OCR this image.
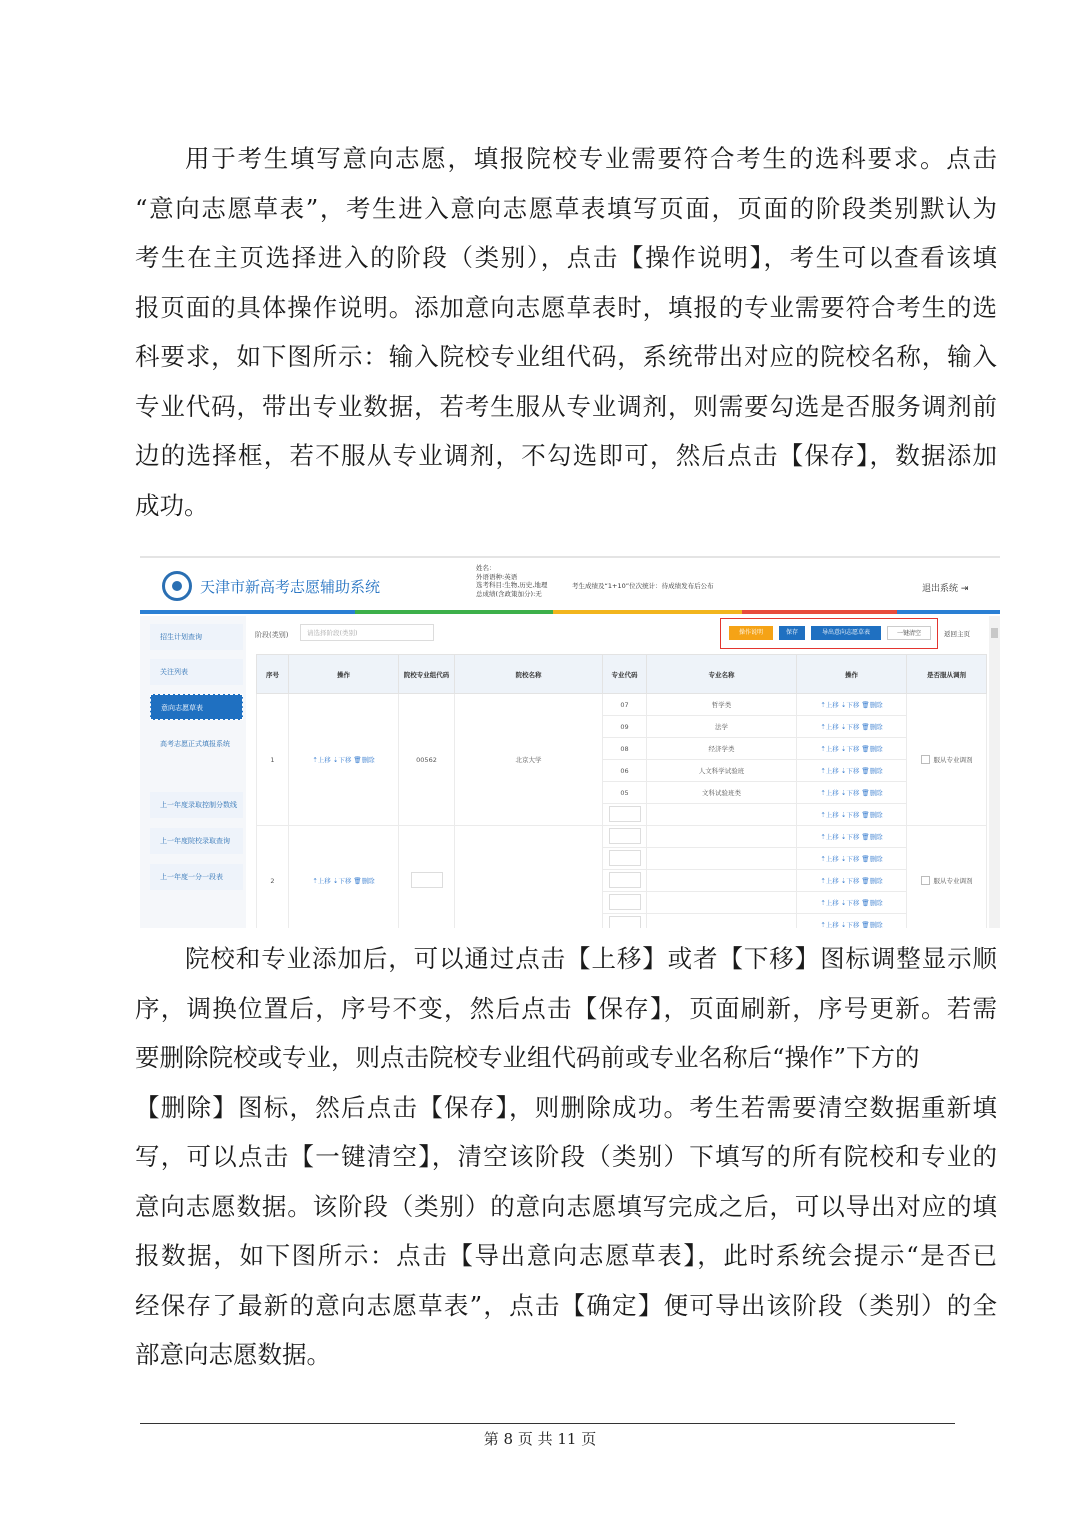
用于考生填写意向志愿，填报院校专业需要符合考生的选科要求。点击
“意向志愿草表”，考生进入意向志愿草表填写页面，页面的阶段类别默认为
考生在主页选择进入的阶段（类别），点击【操作说明】，考生可以查看该填
报页面的具体操作说明。添加意向志愿草表时，填报的专业需要符合考生的选
科要求，如下图所示：输入院校专业组代码，系统带出对应的院校名称，输入
专业代码，带出专业数据，若考生服从专业调剂，则需要勾选是否服务调剂前
边的选择框，若不服从专业调剂，不勾选即可，然后点击【保存】，数据添加
成功。
天津市新高考志愿辅助系统
姓名：
外语语种:英语
选考科目:生物,历史,地理
总成绩(含政策加分):无
考生成绩及“1+10”位次统计：待成绩发布后公布	退出系统 ⇥
招生计划查询
关注列表
意向志愿草表
高考志愿正式填报系统
上一年度录取控制分数线
上一年度院校录取查询
上一年度一分一段表
阶段(类别)	请选择阶段(类别)	操作说明	保存	导出意向志愿草表	一键清空	返回主页
序号	操作	院校专业组代码	院校名称	专业代码	专业名称	操作	是否服从调剂
1	⇡上移 ⇣下移 🗑删除	00562	北京大学	07	哲学类	⇡上移 ⇣下移 🗑删除	服从专业调剂
				09	法学	⇡上移 ⇣下移 🗑删除	
				08	经济学类	⇡上移 ⇣下移 🗑删除	
				06	人文科学试验班	⇡上移 ⇣下移 🗑删除	
				05	文科试验班类	⇡上移 ⇣下移 🗑删除	
						⇡上移 ⇣下移 🗑删除	
2	⇡上移 ⇣下移 🗑删除					⇡上移 ⇣下移 🗑删除	服从专业调剂
						⇡上移 ⇣下移 🗑删除	
						⇡上移 ⇣下移 🗑删除	
						⇡上移 ⇣下移 🗑删除	
						⇡上移 ⇣下移 🗑删除	
院校和专业添加后，可以通过点击【上移】或者【下移】图标调整显示顺
序，调换位置后，序号不变，然后点击【保存】，页面刷新，序号更新。若需
要删除院校或专业，则点击院校专业组代码前或专业名称后“操作”下方的
【删除】图标，然后点击【保存】，则删除成功。考生若需要清空数据重新填
写，可以点击【一键清空】，清空该阶段（类别）下填写的所有院校和专业的
意向志愿数据。该阶段（类别）的意向志愿填写完成之后，可以导出对应的填
报数据，如下图所示：点击【导出意向志愿草表】，此时系统会提示“是否已
经保存了最新的意向志愿草表”，点击【确定】便可导出该阶段（类别）的全
部意向志愿数据。
第 8 页 共 11 页
